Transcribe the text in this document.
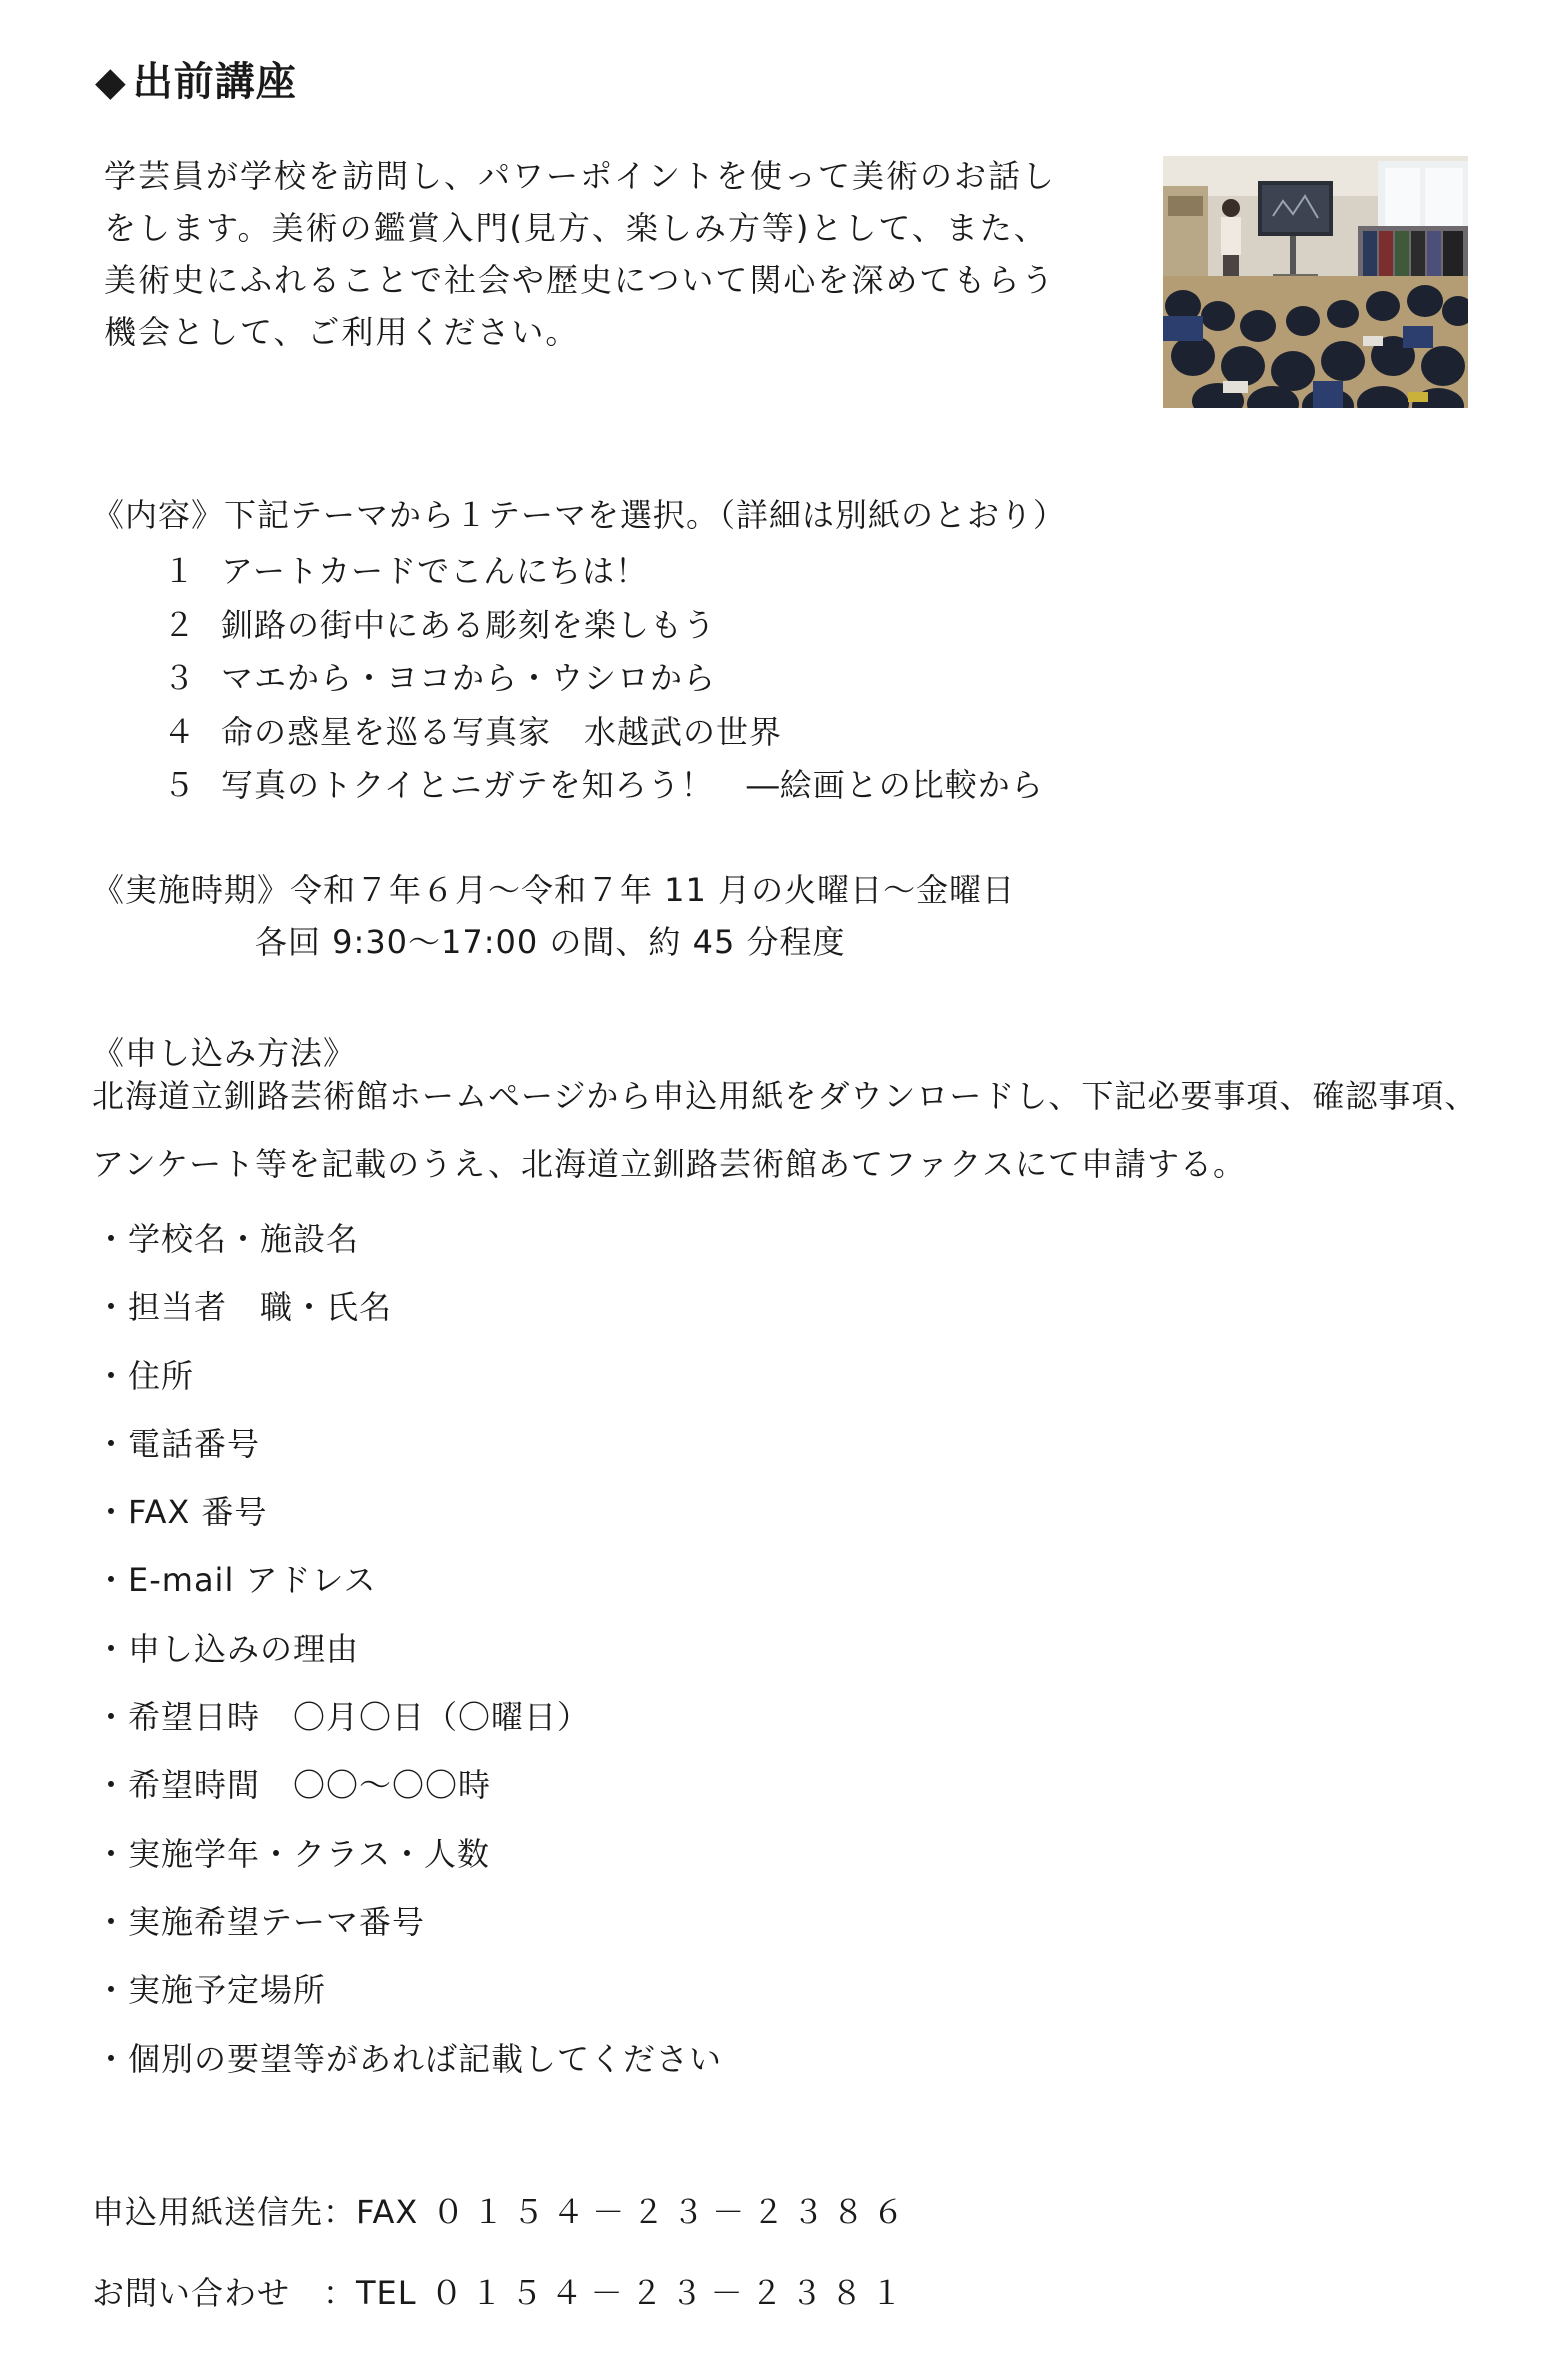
◆ 出前講座
学芸員が学校を訪問し、パワーポイントを使って美術のお話し
をします。美術の鑑賞入門(見方、楽しみ方等)として、また、
美術史にふれることで社会や歴史について関心を深めてもらう
機会として、ご利用ください。
《内容》下記テーマから１テーマを選択。（詳細は別紙のとおり）
１ アートカードでこんにちは！
２ 釧路の街中にある彫刻を楽しもう
３ マエから・ヨコから・ウシロから
４ 命の惑星を巡る写真家　水越武の世界
５ 写真のトクイとニガテを知ろう！　―絵画との比較から
《実施時期》令和７年６月～令和７年 11 月の火曜日～金曜日
各回 9:30～17:00 の間、約 45 分程度
《申し込み方法》
北海道立釧路芸術館ホームページから申込用紙をダウンロードし、下記必要事項、確認事項、
アンケート等を記載のうえ、北海道立釧路芸術館あてファクスにて申請する。
・学校名・施設名
・担当者　職・氏名
・住所
・電話番号
・FAX 番号
・E-mail アドレス
・申し込みの理由
・希望日時　〇月〇日（〇曜日）
・希望時間　〇〇～〇〇時
・実施学年・クラス・人数
・実施希望テーマ番号
・実施予定場所
・個別の要望等があれば記載してください
申込用紙送信先：FAX ０１５４－２３－２３８６
お問い合わせ　：TEL ０１５４－２３－２３８１
